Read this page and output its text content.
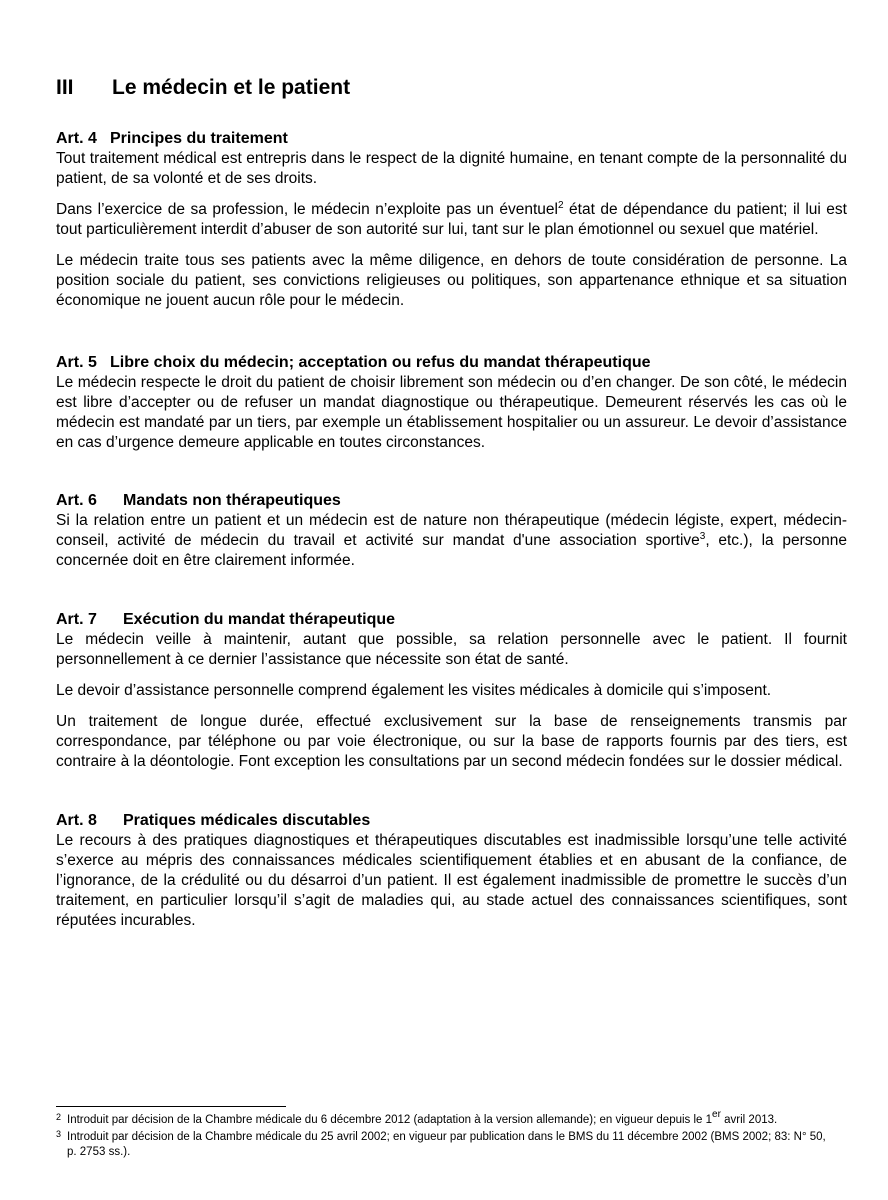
III	Le médecin et le patient
Art. 4 Principes du traitement

Tout traitement médical est entrepris dans le respect de la dignité humaine, en tenant compte de la personnalité du patient, de sa volonté et de ses droits.

Dans l’exercice de sa profession, le médecin n’exploite pas un éventuel$^2$ état de dépendance du patient; il lui est tout particulièrement interdit d’abuser de son autorité sur lui, tant sur le plan émotionnel ou sexuel que matériel.

Le médecin traite tous ses patients avec la même diligence, en dehors de toute considération de personne. La position sociale du patient, ses convictions religieuses ou politiques, son appartenance ethnique et sa situation économique ne jouent aucun rôle pour le médecin.

Art. 5 Libre choix du médecin; acceptation ou refus du mandat thérapeutique

Le médecin respecte le droit du patient de choisir librement son médecin ou d’en changer. De son côté, le médecin est libre d’accepter ou de refuser un mandat diagnostique ou thérapeutique. Demeurent réservés les cas où le médecin est mandaté par un tiers, par exemple un établissement hospitalier ou un assureur. Le devoir d’assistance en cas d’urgence demeure applicable en toutes circonstances.

Art. 6	Mandats non thérapeutiques

Si la relation entre un patient et un médecin est de nature non thérapeutique (médecin légiste, expert, médecin-conseil, activité de médecin du travail et activité sur mandat d'une association sportive$^3$, etc.), la personne concernée doit en être clairement informée.

Art. 7	Exécution du mandat thérapeutique

Le médecin veille à maintenir, autant que possible, sa relation personnelle avec le patient. Il fournit personnellement à ce dernier l’assistance que nécessite son état de santé.

Le devoir d’assistance personnelle comprend également les visites médicales à domicile qui s’imposent.

Un traitement de longue durée, effectué exclusivement sur la base de renseignements transmis par correspondance, par téléphone ou par voie électronique, ou sur la base de rapports fournis par des tiers, est contraire à la déontologie. Font exception les consultations par un second médecin fondées sur le dossier médical.

Art. 8	Pratiques médicales discutables

Le recours à des pratiques diagnostiques et thérapeutiques discutables est inadmissible lorsqu’une telle activité s’exerce au mépris des connaissances médicales scientifiquement établies et en abusant de la confiance, de l’ignorance, de la crédulité ou du désarroi d’un patient. Il est également inadmissible de promettre le succès d’un traitement, en particulier lorsqu’il s’agit de maladies qui, au stade actuel des connaissances scientifiques, sont réputées incurables.

2 Introduit par décision de la Chambre médicale du 6 décembre 2012 (adaptation à la version allemande); en vigueur depuis le 1er avril 2013.
3 Introduit par décision de la Chambre médicale du 25 avril 2002; en vigueur par publication dans le BMS du 11 décembre 2002 (BMS 2002; 83: N° 50, p. 2753 ss.).
